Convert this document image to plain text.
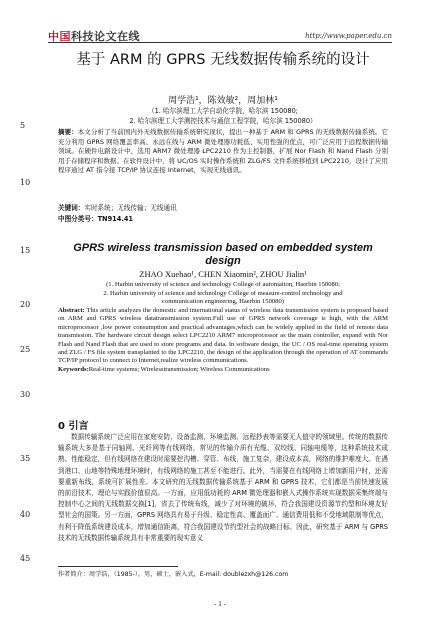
中国科技论文在线	http://www.paper.edu.cn
5
10
15
20
25
30
35
40
45
基于 ARM 的 GPRS 无线数据传输系统的设计
周学浩¹，陈效敏²，周加林¹
（1. 哈尔滨理工大学自动化学院，哈尔滨 150080;
2. 哈尔滨理工大学测控技术与通信工程学院，哈尔滨 150080）
摘要：本文分析了当前国内外无线数据传输系统研究现状，提出一种基于 ARM 和 GPRS 的无线数据传输系统。它充分利用 GPRS 网络覆盖率高、永远在线与 ARM 微处理器功耗低、实用性强的优点，可广泛应用于远程数据传输领域。在硬件电路设计中，选用 ARM7 微处理器 LPC2210 作为主控制器，扩展 Nor Flash 和 Nand Flash 分别用于存储程序和数据。在软件设计中，将 UC/OS 实时操作系统和 ZLG/FS 文件系统移植到 LPC2210，设计了应用程序通过 AT 指令接 TCP/IP 协议连接 Internet，实现无线通讯。
关键词：实时系统；无线传输；无线通讯
中图分类号：TN914.41
GPRS wireless transmission based on embedded system design
ZHAO Xuehao¹, CHEN Xiaomin², ZHOU Jialin¹
(1. Harbin university of science and technology College of automation, Haerbin 150080;
2. Harbin university of science and technology College of measure-control technology and
communication engineering, Haerbin 150080)
Abstract: This article analyzes the domestic and international status of wireless data transmission system is proposed based on ARM and GPRS wireless datatransmission system.Full use of GPRS network coverage is high, with the ARM microprocessor ,low power consumption and practical advantages,which can be widely applied in the field of remote data transmission. The hardware circuit design select LPC2210 ARM7 microprocessor as the main controller, expand with Nor Flash and Nand Flash that are used to store programs and data. In software design, the UC / OS real-time operating system and ZLG / FS file system transplanted to the LPC2210, the design of the application through the operation of AT commands TCP/IP protocol to connect to Internet,realize wireless communications.
Keywords:Real-time systems; Wirelesstransmission; Wireless Communications
0 引言
数据传输系统广泛应用在家庭安防、设备监测、环境监测、远程抄表等需要无人值守的领域里。传统的数据传输系统大多是基于同轴网、光纤网等有线网络，常见的传输介质有光缆、双绞线、同轴电缆等，这种系统技术成熟、性能稳定，但有线网络在建设时需要挖沟槽、穿管、布线，施工复杂，建设成本高，网络的维护难度大。在遇到港口、山地等特殊地理环境时，有线网络的施工甚至不能进行。此外，当需要在有线网络上增加新用户时，还需要重新布线，系统可扩展性差。本文研究的无线数据传输系统基于 ARM 和 GPRS 技术，它们都是当前快速发展的前沿技术，理论与实践价值很高。一方面，应用低功耗的 ARM 微处理器和嵌入式操作系统实现数据采集终端与控制中心之间的无线数据交换[1]，省去了传统布线，减少了对环境的破坏，符合我国建设资源节约型和环境友好型社会的国策。另一方面，GPRS 网络具有易于升级、稳定性高、覆盖面广、通信费用低和不受地域限制等优点，有利于降低系统建设成本，增加通信距离，符合我国建设节约型社会的战略目标。因此，研究基于 ARM 与 GPRS 技术的无线数据传输系统具有非常重要的现实意义
作者简介：周学浩，（1985-），男，硕士，嵌入式，E-mail: doublezxh@126.com
- 1 -
